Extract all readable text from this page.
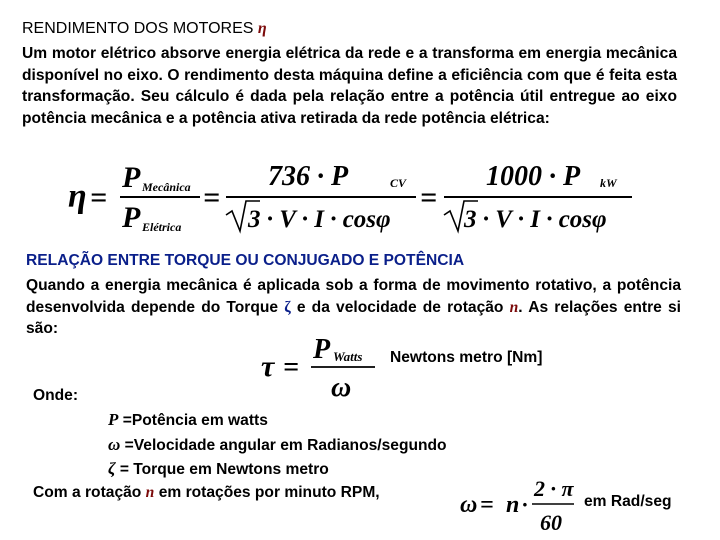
RENDIMENTO DOS MOTORES η
Um motor elétrico absorve energia elétrica da rede e a transforma em energia mecânica disponível no eixo. O rendimento desta máquina define a eficiência com que é feita esta transformação. Seu cálculo é dada pela relação entre a potência útil entregue ao eixo potência mecânica e a potência ativa retirada da rede potência elétrica:
η =
P Mecânica
P Elétrica
=
736 · P	CV
3 · V · I · cosφ
=
1000 · P kW
3 · V · I · cosφ
RELAÇÃO ENTRE TORQUE OU CONJUGADO E POTÊNCIA
Quando a energia mecânica é aplicada sob a forma de movimento rotativo, a potência desenvolvida depende do Torque ζ e da velocidade de rotação n. As relações entre si são:
τ =
P Watts
ω
Newtons metro [Nm]
Onde:
P =Potência em watts
ω =Velocidade angular em Radianos/segundo
ζ = Torque em Newtons metro
Com a rotação n em rotações por minuto RPM,	ω = n ·
2 · π
60
em Rad/seg
